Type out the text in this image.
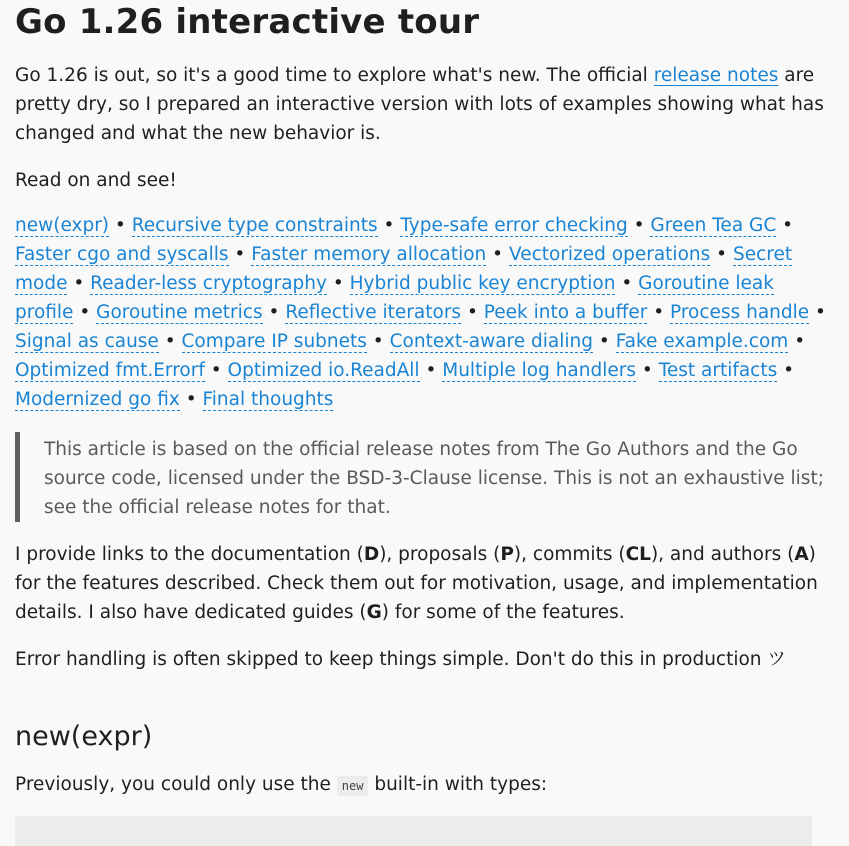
Go 1.26 interactive tour

Go 1.26 is out, so it's a good time to explore what's new. The official release notes are pretty dry, so I prepared an interactive version with lots of examples showing what has changed and what the new behavior is.

Read on and see!

new(expr) • Recursive type constraints • Type-safe error checking • Green Tea GC • Faster cgo and syscalls • Faster memory allocation • Vectorized operations • Secret mode • Reader-less cryptography • Hybrid public key encryption • Goroutine leak profile • Goroutine metrics • Reflective iterators • Peek into a buffer • Process handle • Signal as cause • Compare IP subnets • Context-aware dialing • Fake example.com • Optimized fmt.Errorf • Optimized io.ReadAll • Multiple log handlers • Test artifacts • Modernized go fix • Final thoughts

This article is based on the official release notes from The Go Authors and the Go source code, licensed under the BSD-3-Clause license. This is not an exhaustive list; see the official release notes for that.

I provide links to the documentation (D), proposals (P), commits (CL), and authors (A) for the features described. Check them out for motivation, usage, and implementation details. I also have dedicated guides (G) for some of the features.

Error handling is often skipped to keep things simple. Don't do this in production ツ

new(expr)

Previously, you could only use the new built-in with types:
